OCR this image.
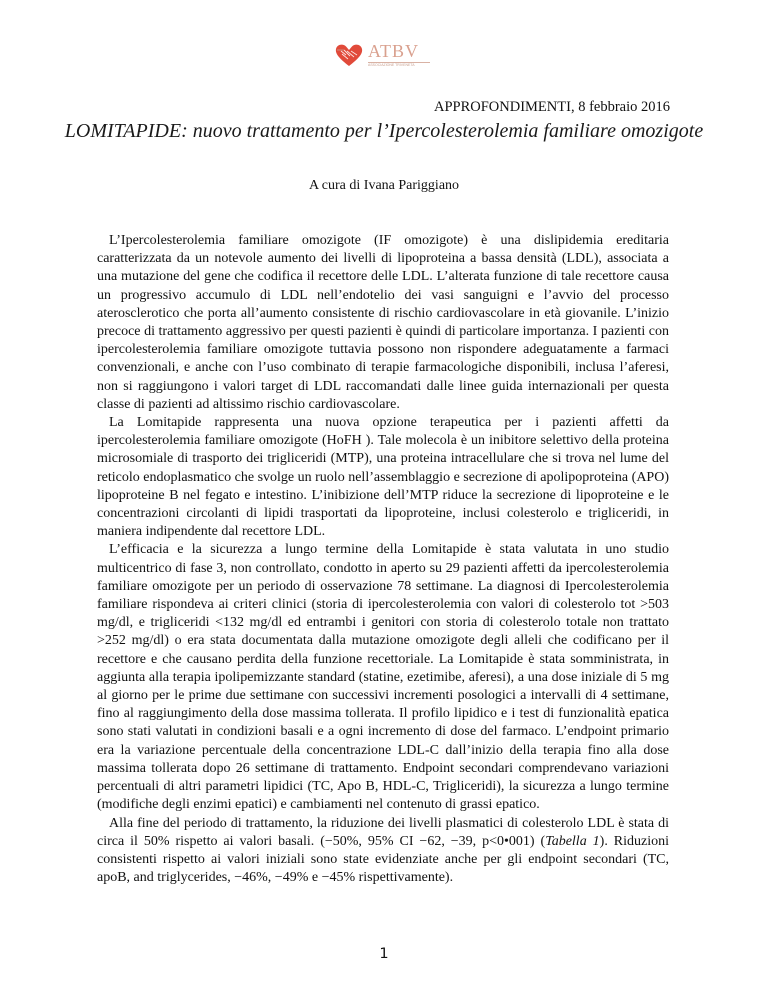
ATBV
ASSOCIAZIONE TRIVENETA
APPROFONDIMENTI, 8 febbraio 2016
LOMITAPIDE: nuovo trattamento per l’Ipercolesterolemia familiare omozigote
A cura di Ivana Pariggiano

L’Ipercolesterolemia familiare omozigote (IF omozigote) è una dislipidemia ereditaria caratterizzata da un notevole aumento dei livelli di lipoproteina a bassa densità (LDL), associata a una mutazione del gene che codifica il recettore delle LDL. L’alterata funzione di tale recettore causa un progressivo accumulo di LDL nell’endotelio dei vasi sanguigni e l’avvio del processo aterosclerotico che porta all’aumento consistente di rischio cardiovascolare in età giovanile. L’inizio precoce di trattamento aggressivo per questi pazienti è quindi di particolare importanza. I pazienti con ipercolesterolemia familiare omozigote tuttavia possono non rispondere adeguatamente a farmaci convenzionali, e anche con l’uso combinato di terapie farmacologiche disponibili, inclusa l’aferesi, non si raggiungono i valori target di LDL raccomandati dalle linee guida internazionali per questa classe di pazienti ad altissimo rischio cardiovascolare.

La Lomitapide rappresenta una nuova opzione terapeutica per i pazienti affetti da ipercolesterolemia familiare omozigote (HoFH ). Tale molecola è un inibitore selettivo della proteina microsomiale di trasporto dei trigliceridi (MTP), una proteina intracellulare che si trova nel lume del reticolo endoplasmatico che svolge un ruolo nell’assemblaggio e secrezione di apolipoproteina (APO) lipoproteine B nel fegato e intestino. L’inibizione dell’MTP riduce la secrezione di lipoproteine e le concentrazioni circolanti di lipidi trasportati da lipoproteine, inclusi colesterolo e trigliceridi, in maniera indipendente dal recettore LDL.

L’efficacia e la sicurezza a lungo termine della Lomitapide è stata valutata in uno studio multicentrico di fase 3, non controllato, condotto in aperto su 29 pazienti affetti da ipercolesterolemia familiare omozigote per un periodo di osservazione 78 settimane. La diagnosi di Ipercolesterolemia familiare rispondeva ai criteri clinici (storia di ipercolesterolemia con valori di colesterolo tot >503 mg/dl, e trigliceridi <132 mg/dl ed entrambi i genitori con storia di colesterolo totale non trattato >252 mg/dl) o era stata documentata dalla mutazione omozigote degli alleli che codificano per il recettore e che causano perdita della funzione recettoriale. La Lomitapide è stata somministrata, in aggiunta alla terapia ipolipemizzante standard (statine, ezetimibe, aferesi), a una dose iniziale di 5 mg al giorno per le prime due settimane con successivi incrementi posologici a intervalli di 4 settimane, fino al raggiungimento della dose massima tollerata. Il profilo lipidico e i test di funzionalità epatica sono stati valutati in condizioni basali e a ogni incremento di dose del farmaco. L’endpoint primario era la variazione percentuale della concentrazione LDL-C dall’inizio della terapia fino alla dose massima tollerata dopo 26 settimane di trattamento. Endpoint secondari comprendevano variazioni percentuali di altri parametri lipidici (TC, Apo B, HDL-C, Trigliceridi), la sicurezza a lungo termine (modifiche degli enzimi epatici) e cambiamenti nel contenuto di grassi epatico.

Alla fine del periodo di trattamento, la riduzione dei livelli plasmatici di colesterolo LDL è stata di circa il 50% rispetto ai valori basali. (−50%, 95% CI −62, −39, p<0•001) (Tabella 1). Riduzioni consistenti rispetto ai valori iniziali sono state evidenziate anche per gli endpoint secondari (TC, apoB, and triglycerides, −46%, −49% e −45% rispettivamente).

1
